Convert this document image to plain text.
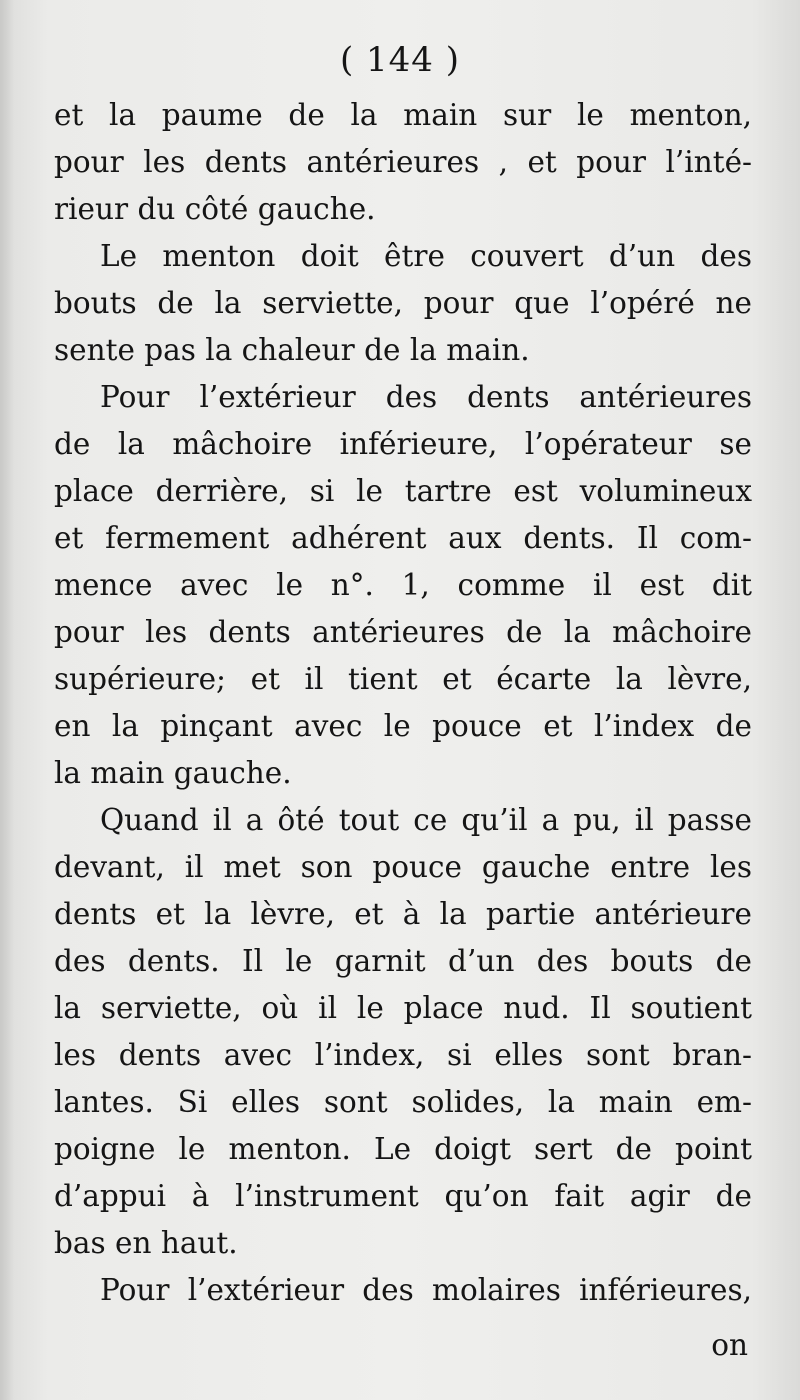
( 144 )
et la paume de la main sur le menton,
pour les dents antérieures , et pour l’inté-
rieur du côté gauche.
Le menton doit être couvert d’un des
bouts de la serviette, pour que l’opéré ne
sente pas la chaleur de la main.
Pour l’extérieur des dents antérieures
de la mâchoire inférieure, l’opérateur se
place derrière, si le tartre est volumineux
et fermement adhérent aux dents. Il com-
mence avec le n°. 1, comme il est dit
pour les dents antérieures de la mâchoire
supérieure; et il tient et écarte la lèvre,
en la pinçant avec le pouce et l’index de
la main gauche.
Quand il a ôté tout ce qu’il a pu, il passe
devant, il met son pouce gauche entre les
dents et la lèvre, et à la partie antérieure
des dents. Il le garnit d’un des bouts de
la serviette, où il le place nud. Il soutient
les dents avec l’index, si elles sont bran-
lantes. Si elles sont solides, la main em-
poigne le menton. Le doigt sert de point
d’appui à l’instrument qu’on fait agir de
bas en haut.
Pour l’extérieur des molaires inférieures,
on
